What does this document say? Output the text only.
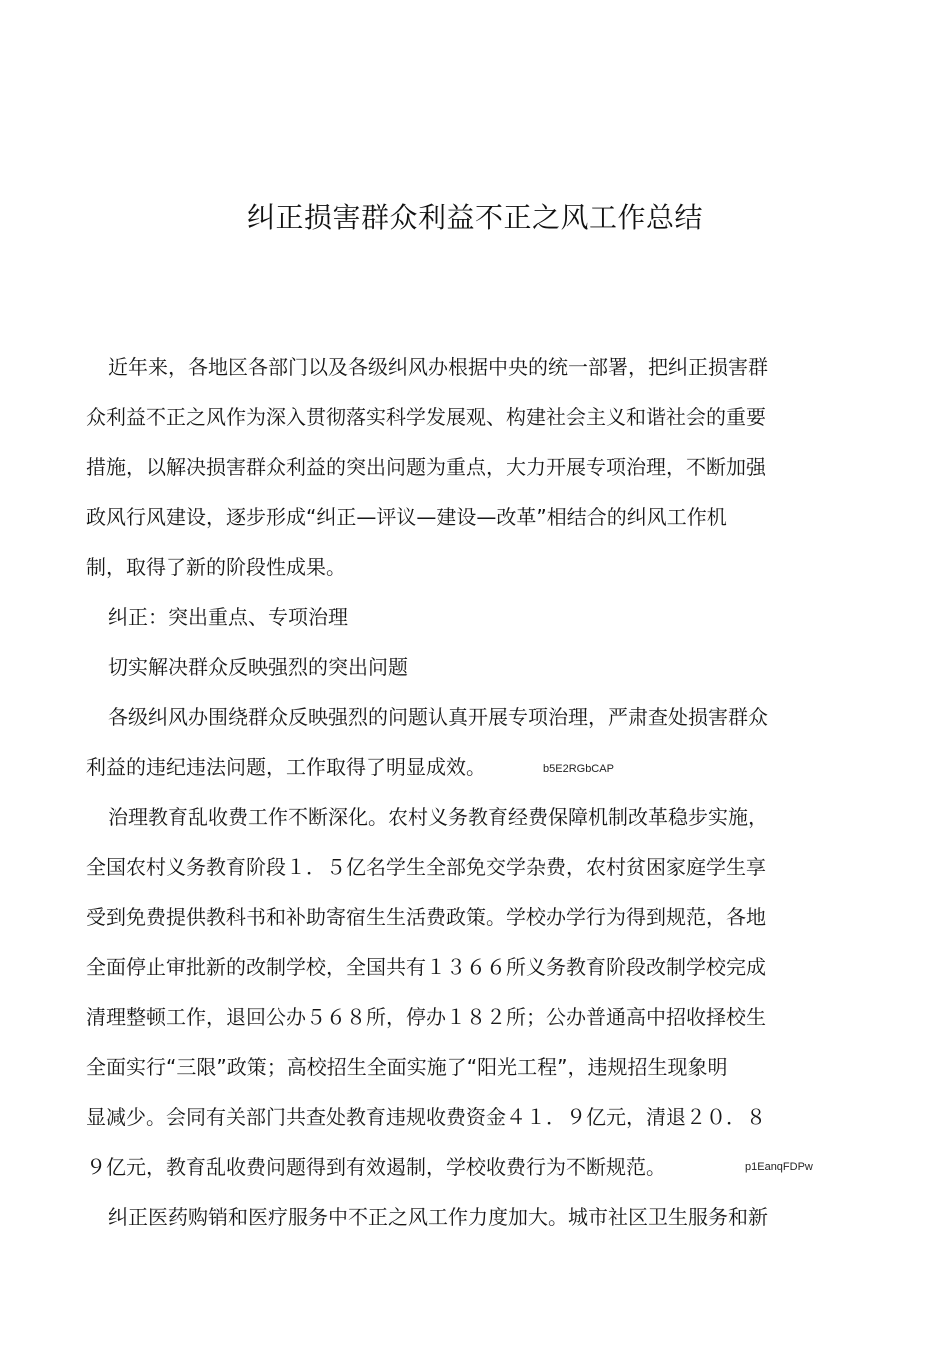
纠正损害群众利益不正之风工作总结
近年来，各地区各部门以及各级纠风办根据中央的统一部署，把纠正损害群
众利益不正之风作为深入贯彻落实科学发展观、构建社会主义和谐社会的重要
措施，以解决损害群众利益的突出问题为重点，大力开展专项治理，不断加强
政风行风建设，逐步形成“纠正—评议—建设—改革”相结合的纠风工作机
制，取得了新的阶段性成果。
纠正：突出重点、专项治理
切实解决群众反映强烈的突出问题
各级纠风办围绕群众反映强烈的问题认真开展专项治理，严肃查处损害群众
利益的违纪违法问题，工作取得了明显成效。	b5E2RGbCAP
治理教育乱收费工作不断深化。农村义务教育经费保障机制改革稳步实施，
全国农村义务教育阶段１．５亿名学生全部免交学杂费，农村贫困家庭学生享
受到免费提供教科书和补助寄宿生生活费政策。学校办学行为得到规范，各地
全面停止审批新的改制学校，全国共有１３６６所义务教育阶段改制学校完成
清理整顿工作，退回公办５６８所，停办１８２所；公办普通高中招收择校生
全面实行“三限”政策；高校招生全面实施了“阳光工程”，违规招生现象明
显减少。会同有关部门共查处教育违规收费资金４１．９亿元，清退２０．８
９亿元，教育乱收费问题得到有效遏制，学校收费行为不断规范。	p1EanqFDPw
纠正医药购销和医疗服务中不正之风工作力度加大。城市社区卫生服务和新
